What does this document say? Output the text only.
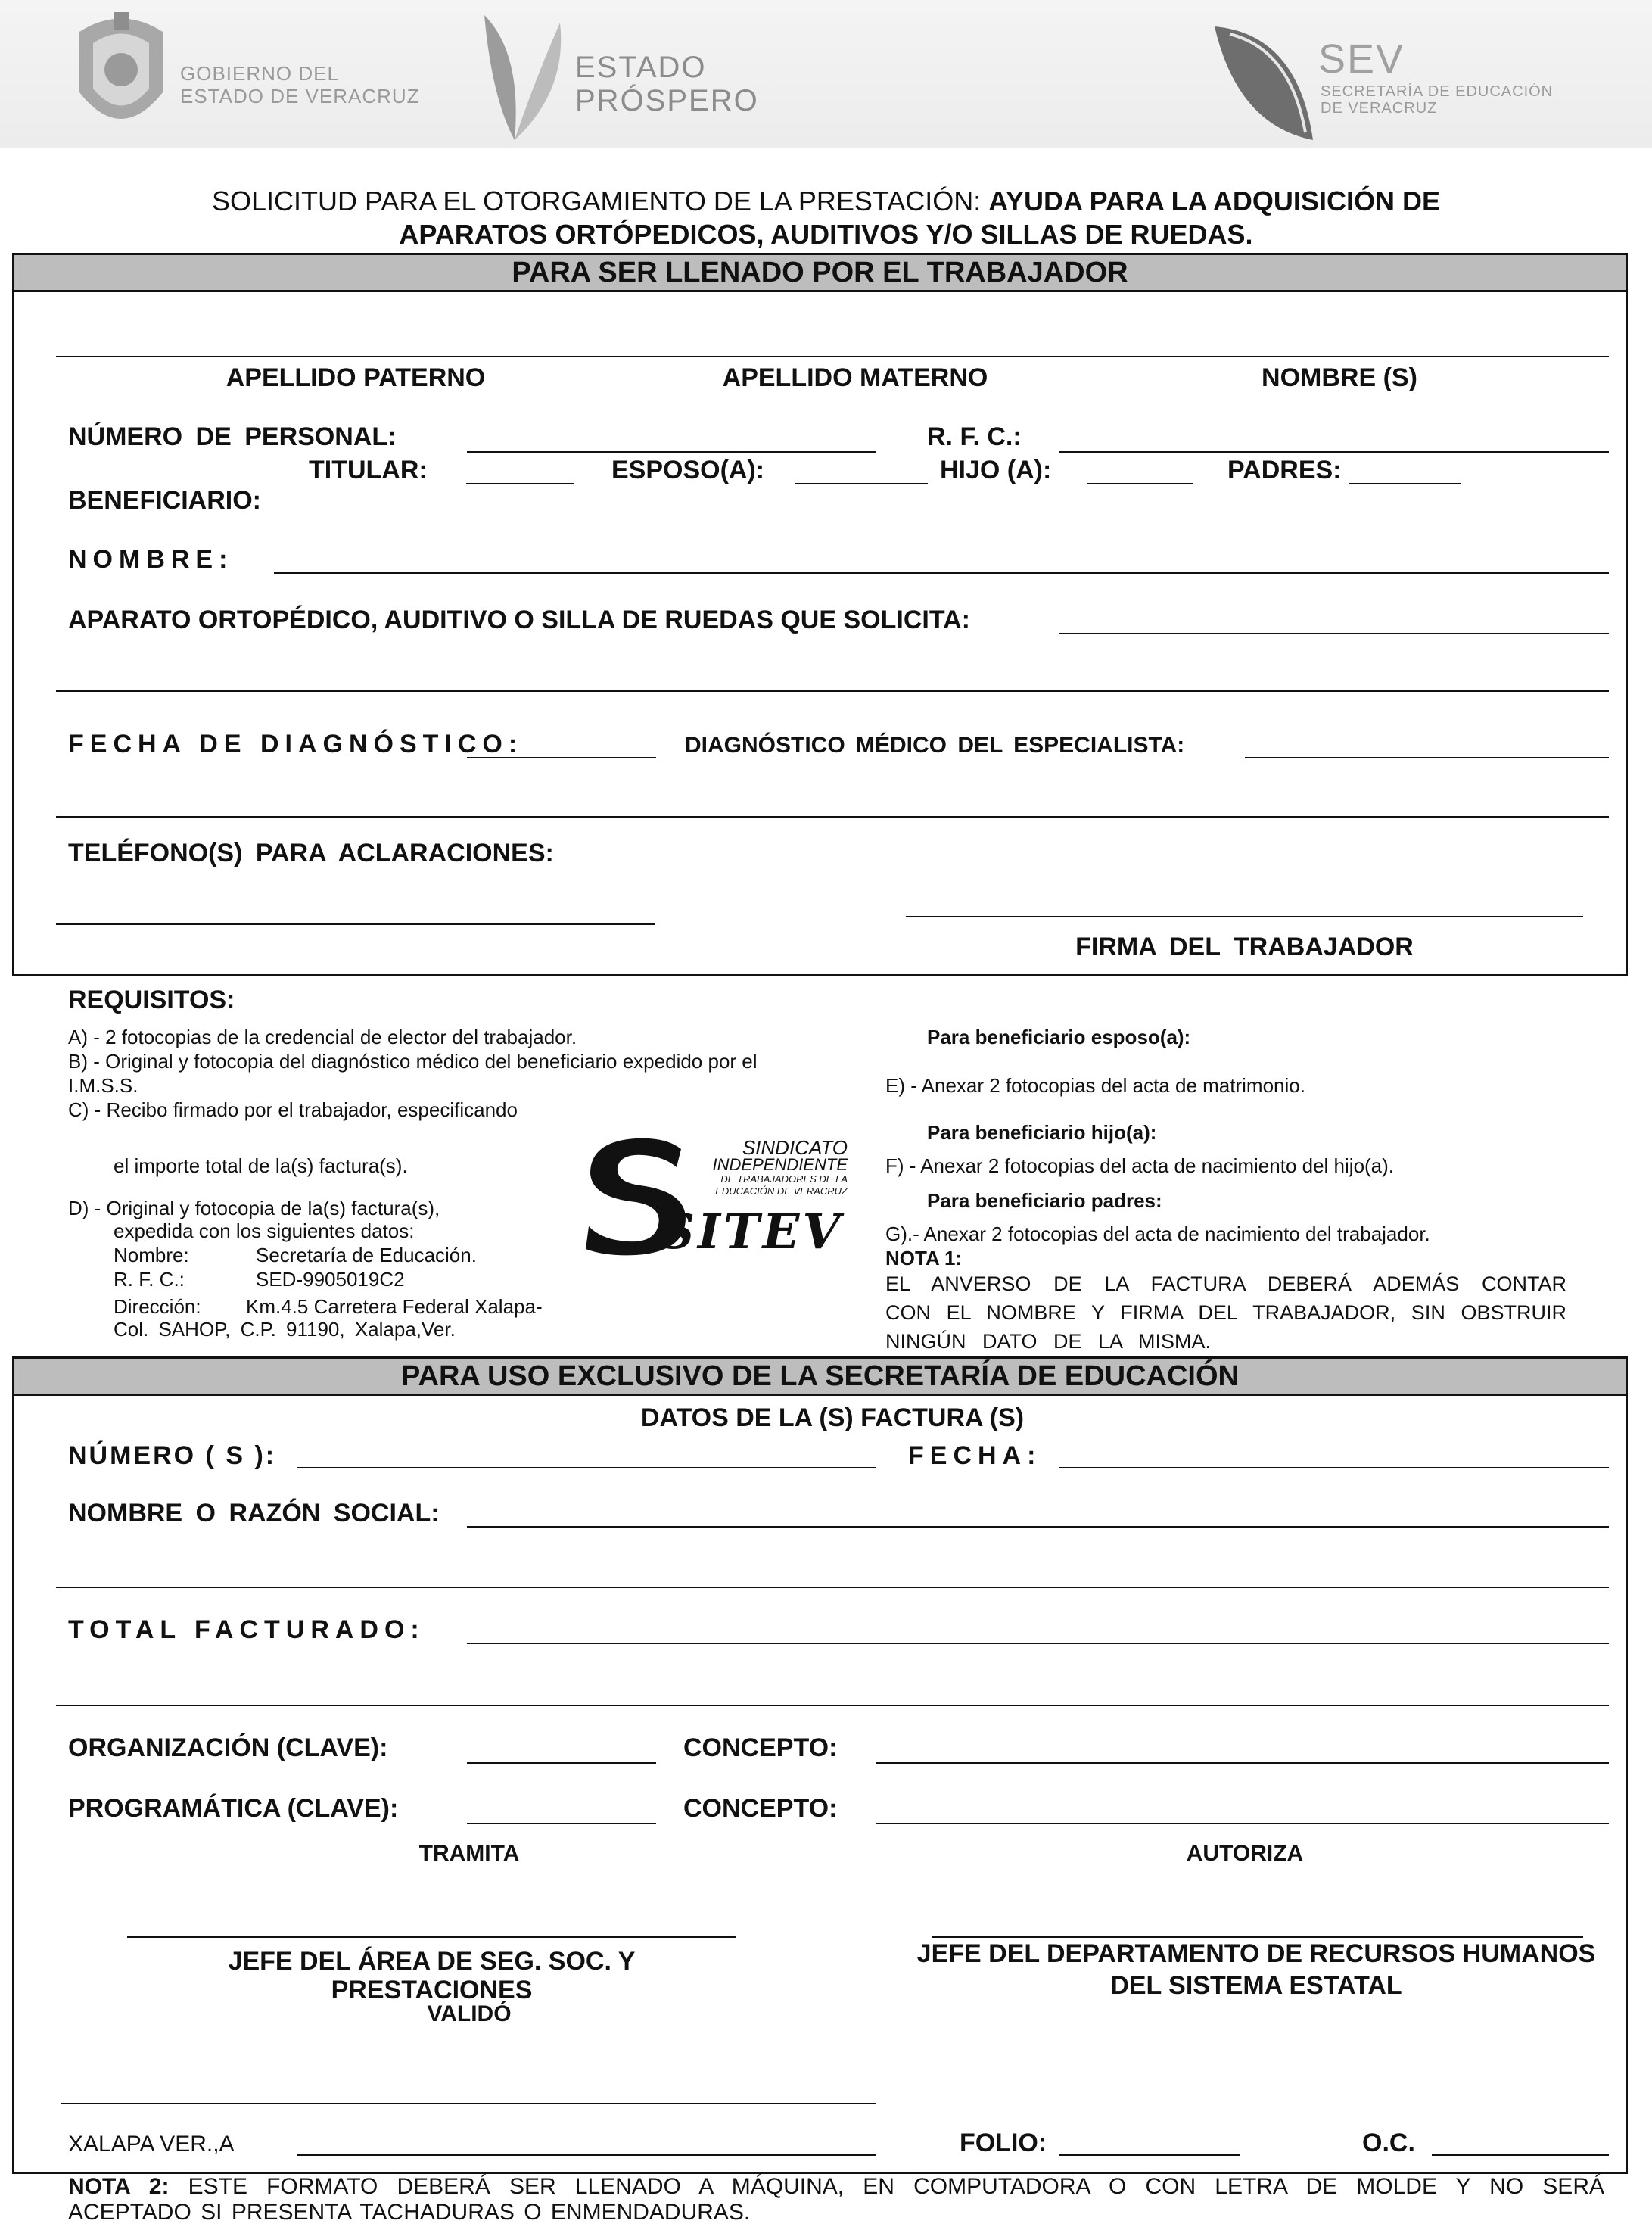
GOBIERNO DEL
ESTADO DE VERACRUZ
ESTADO
PRÓSPERO
SEV
SECRETARÍA DE EDUCACIÓN
DE VERACRUZ
SOLICITUD PARA EL OTORGAMIENTO DE LA PRESTACIÓN: AYUDA PARA LA ADQUISICIÓN DE
APARATOS ORTÓPEDICOS, AUDITIVOS Y/O SILLAS DE RUEDAS.
PARA SER LLENADO POR EL TRABAJADOR
APELLIDO PATERNO	APELLIDO MATERNO	NOMBRE (S)
NÚMERO DE PERSONAL:	R. F. C.:
TITULAR:	ESPOSO(A):	HIJO (A):	PADRES:
BENEFICIARIO:
NOMBRE:
APARATO ORTOPÉDICO, AUDITIVO O SILLA DE RUEDAS QUE SOLICITA:
FECHA DE DIAGNÓSTICO:	DIAGNÓSTICO MÉDICO DEL ESPECIALISTA:
TELÉFONO(S) PARA ACLARACIONES:
FIRMA DEL TRABAJADOR
REQUISITOS:
A) - 2 fotocopias de la credencial de elector del trabajador.
B) - Original y fotocopia del diagnóstico médico del beneficiario expedido por el
I.M.S.S.
C) - Recibo firmado por el trabajador, especificando
el importe total de la(s) factura(s).
D) - Original y fotocopia de la(s) factura(s),
expedida con los siguientes datos:
Nombre:	Secretaría de Educación.
R. F. C.:	SED-9905019C2
Dirección: Km.4.5 Carretera Federal Xalapa-
Col. SAHOP, C.P. 91190, Xalapa,Ver.
SINDICATO
INDEPENDIENTE
DE TRABAJADORES DE LA
EDUCACIÓN DE VERACRUZ
SITEV
Para beneficiario esposo(a):
E) - Anexar 2 fotocopias del acta de matrimonio.
Para beneficiario hijo(a):
F) - Anexar 2 fotocopias del acta de nacimiento del hijo(a).
Para beneficiario padres:
G).- Anexar 2 fotocopias del acta de nacimiento del trabajador.
NOTA 1:
EL ANVERSO DE LA FACTURA DEBERÁ ADEMÁS CONTAR
CON EL NOMBRE Y FIRMA DEL TRABAJADOR, SIN OBSTRUIR
NINGÚN DATO DE LA MISMA.
PARA USO EXCLUSIVO DE LA SECRETARÍA DE EDUCACIÓN
DATOS DE LA (S) FACTURA (S)
NÚMERO ( S ):	FECHA:
NOMBRE O RAZÓN SOCIAL:
TOTAL FACTURADO:
ORGANIZACIÓN (CLAVE):	CONCEPTO:
PROGRAMÁTICA (CLAVE):	CONCEPTO:
TRAMITA	AUTORIZA
JEFE DEL ÁREA DE SEG. SOC. Y PRESTACIONES
JEFE DEL DEPARTAMENTO DE RECURSOS HUMANOS
DEL SISTEMA ESTATAL
VALIDÓ
XALAPA VER.,A	FOLIO:	O.C.
NOTA 2: ESTE FORMATO DEBERÁ SER LLENADO A MÁQUINA, EN COMPUTADORA O CON LETRA DE MOLDE Y NO SERÁ
ACEPTADO SI PRESENTA TACHADURAS O ENMENDADURAS.
